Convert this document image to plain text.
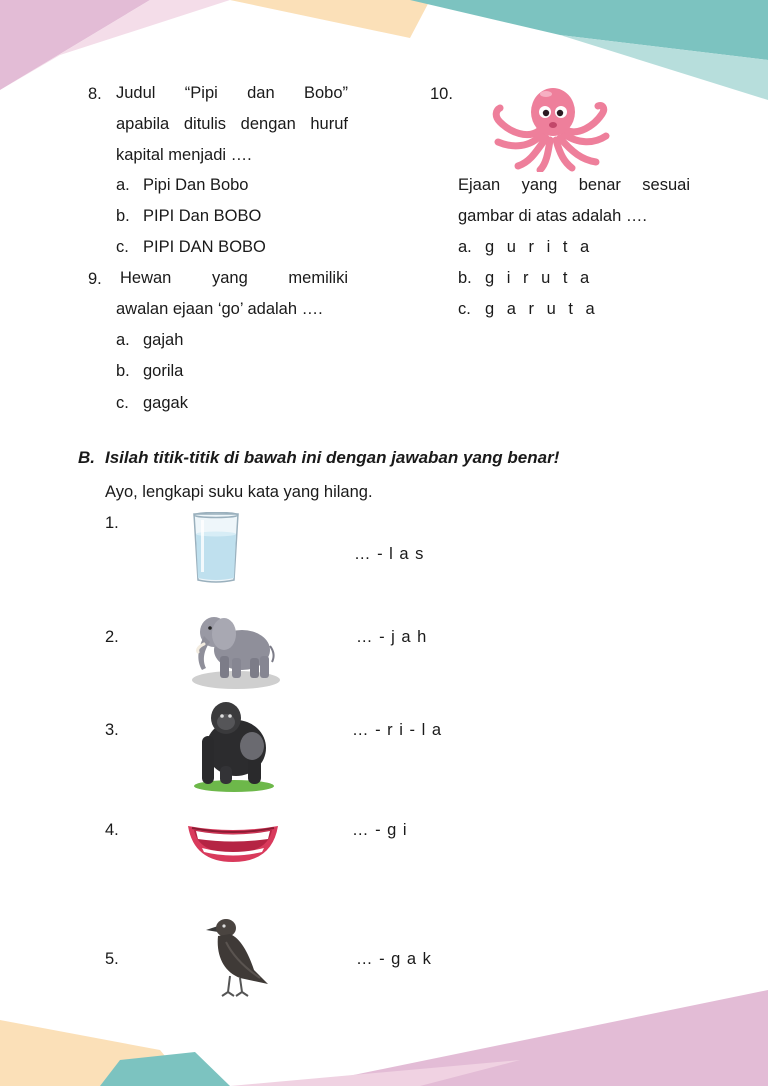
8. Judul “Pipi dan Bobo”
apabila ditulis dengan huruf
kapital menjadi ….
a. Pipi Dan Bobo
b. PIPI Dan BOBO
c. PIPI DAN BOBO
9. Hewan yang memiliki
awalan ejaan ‘go’ adalah ….
a. gajah
b. gorila
c. gagak
10.
Ejaan yang benar sesuai
gambar di atas adalah ….
a. g u r i t a
b. g i r u t a
c. g a r u t a
B. Isilah titik-titik di bawah ini dengan jawaban yang benar!
Ayo, lengkapi suku kata yang hilang.
1.
… - l a s
2.	… - j a h
3.	… - r i - l a
4.	… - g i
5.	… - g a k
